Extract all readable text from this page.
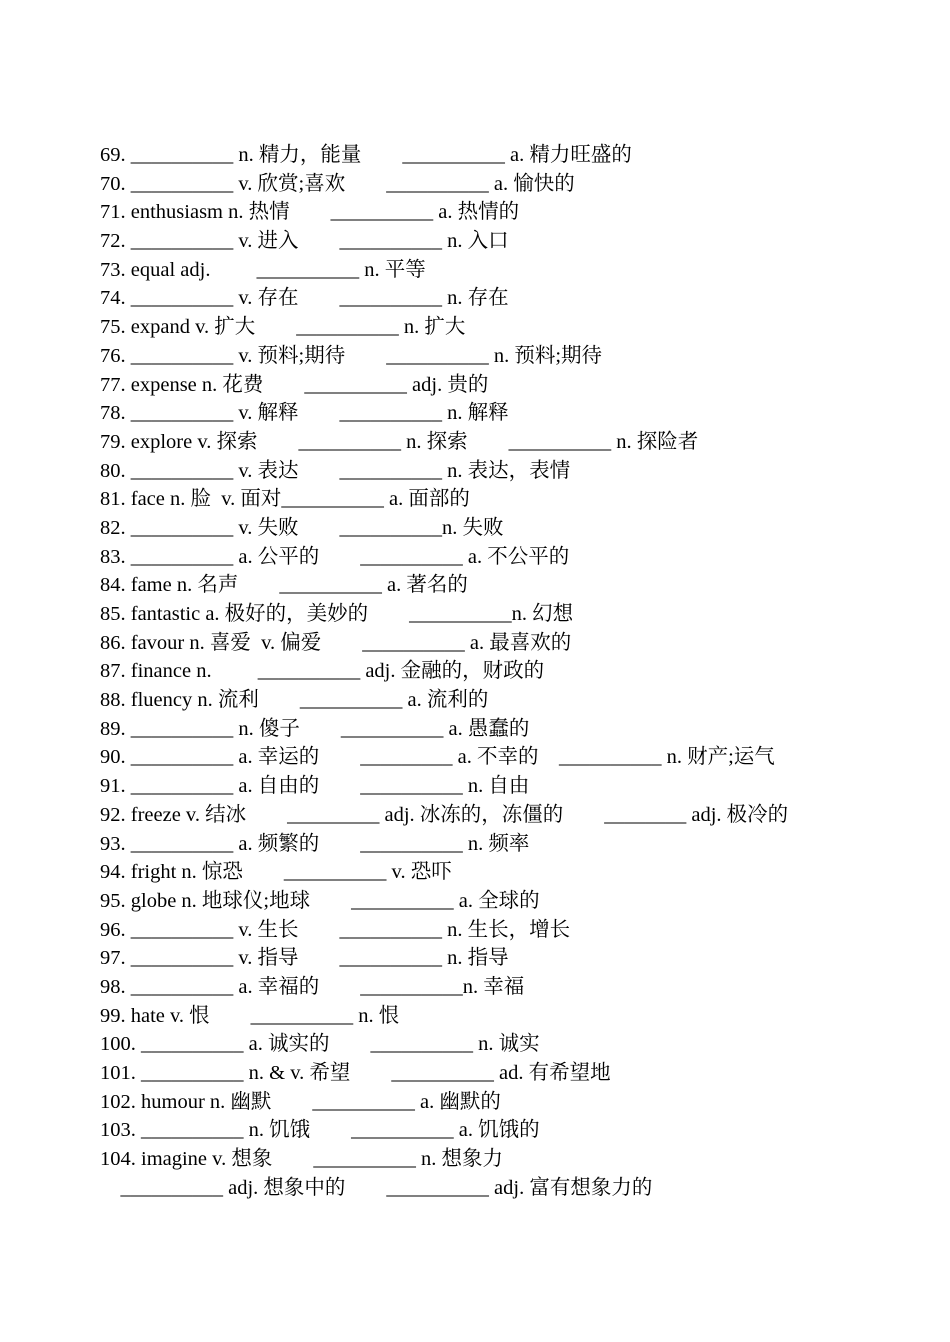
69. __________ n. 精力，能量        __________ a. 精力旺盛的
70. __________ v. 欣赏;喜欢        __________ a. 愉快的
71. enthusiasm n. 热情        __________ a. 热情的
72. __________ v. 进入        __________ n. 入口
73. equal adj.         __________ n. 平等
74. __________ v. 存在        __________ n. 存在
75. expand v. 扩大        __________ n. 扩大
76. __________ v. 预料;期待        __________ n. 预料;期待
77. expense n. 花费        __________ adj. 贵的
78. __________ v. 解释        __________ n. 解释
79. explore v. 探索        __________ n. 探索        __________ n. 探险者
80. __________ v. 表达        __________ n. 表达，表情
81. face n. 脸  v. 面对__________ a. 面部的
82. __________ v. 失败        __________n. 失败
83. __________ a. 公平的        __________ a. 不公平的
84. fame n. 名声        __________ a. 著名的
85. fantastic a. 极好的，美妙的        __________n. 幻想
86. favour n. 喜爱  v. 偏爱        __________ a. 最喜欢的
87. finance n.         __________ adj. 金融的，财政的
88. fluency n. 流利        __________ a. 流利的
89. __________ n. 傻子        __________ a. 愚蠢的
90. __________ a. 幸运的        _________ a. 不幸的    __________ n. 财产;运气
91. __________ a. 自由的        __________ n. 自由
92. freeze v. 结冰        _________ adj. 冰冻的，冻僵的        ________ adj. 极冷的
93. __________ a. 频繁的        __________ n. 频率
94. fright n. 惊恐        __________ v. 恐吓
95. globe n. 地球仪;地球        __________ a. 全球的
96. __________ v. 生长        __________ n. 生长，增长
97. __________ v. 指导        __________ n. 指导
98. __________ a. 幸福的        __________n. 幸福
99. hate v. 恨        __________ n. 恨
100. __________ a. 诚实的        __________ n. 诚实
101. __________ n. & v. 希望        __________ ad. 有希望地
102. humour n. 幽默        __________ a. 幽默的
103. __________ n. 饥饿        __________ a. 饥饿的
104. imagine v. 想象        __________ n. 想象力
__________ adj. 想象中的        __________ adj. 富有想象力的
